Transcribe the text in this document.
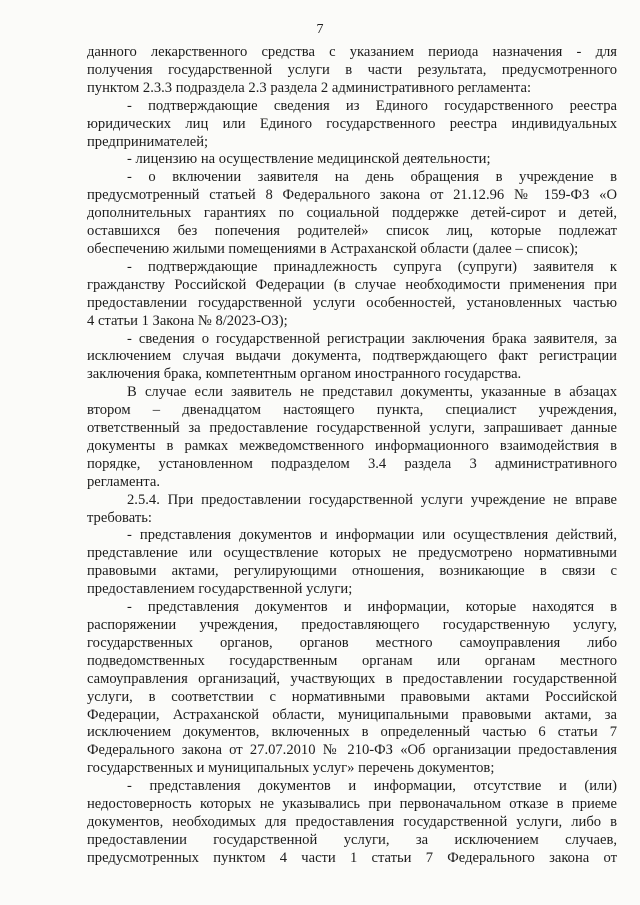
7

данного лекарственного средства с указанием периода назначения - для

получения государственной услуги в части результата, предусмотренного

пунктом 2.3.3 подраздела 2.3 раздела 2 административного регламента:

- подтверждающие сведения из Единого государственного реестра

юридических лиц или Единого государственного реестра индивидуальных

предпринимателей;

- лицензию на осуществление медицинской деятельности;

- о включении заявителя на день обращения в учреждение в

предусмотренный статьей 8 Федерального закона от 21.12.96 № 159-ФЗ «О

дополнительных гарантиях по социальной поддержке детей-сирот и детей,

оставшихся без попечения родителей» список лиц, которые подлежат

обеспечению жилыми помещениями в Астраханской области (далее – список);

- подтверждающие принадлежность супруга (супруги) заявителя к

гражданству Российской Федерации (в случае необходимости применения при

предоставлении государственной услуги особенностей, установленных частью

4 статьи 1 Закона № 8/2023-ОЗ);

- сведения о государственной регистрации заключения брака заявителя, за

исключением случая выдачи документа, подтверждающего факт регистрации

заключения брака, компетентным органом иностранного государства.

В случае если заявитель не представил документы, указанные в абзацах

втором – двенадцатом настоящего пункта, специалист учреждения,

ответственный за предоставление государственной услуги, запрашивает данные

документы в рамках межведомственного информационного взаимодействия в

порядке, установленном подразделом 3.4 раздела 3 административного

регламента.

2.5.4. При предоставлении государственной услуги учреждение не вправе

требовать:

- представления документов и информации или осуществления действий,

представление или осуществление которых не предусмотрено нормативными

правовыми актами, регулирующими отношения, возникающие в связи с

предоставлением государственной услуги;

- представления документов и информации, которые находятся в

распоряжении учреждения, предоставляющего государственную услугу,

государственных органов, органов местного самоуправления либо

подведомственных государственным органам или органам местного

самоуправления организаций, участвующих в предоставлении государственной

услуги, в соответствии с нормативными правовыми актами Российской

Федерации, Астраханской области, муниципальными правовыми актами, за

исключением документов, включенных в определенный частью 6 статьи 7

Федерального закона от 27.07.2010 № 210-ФЗ «Об организации предоставления

государственных и муниципальных услуг» перечень документов;

- представления документов и информации, отсутствие и (или)

недостоверность которых не указывались при первоначальном отказе в приеме

документов, необходимых для предоставления государственной услуги, либо в

предоставлении государственной услуги, за исключением случаев,

предусмотренных пунктом 4 части 1 статьи 7 Федерального закона от
